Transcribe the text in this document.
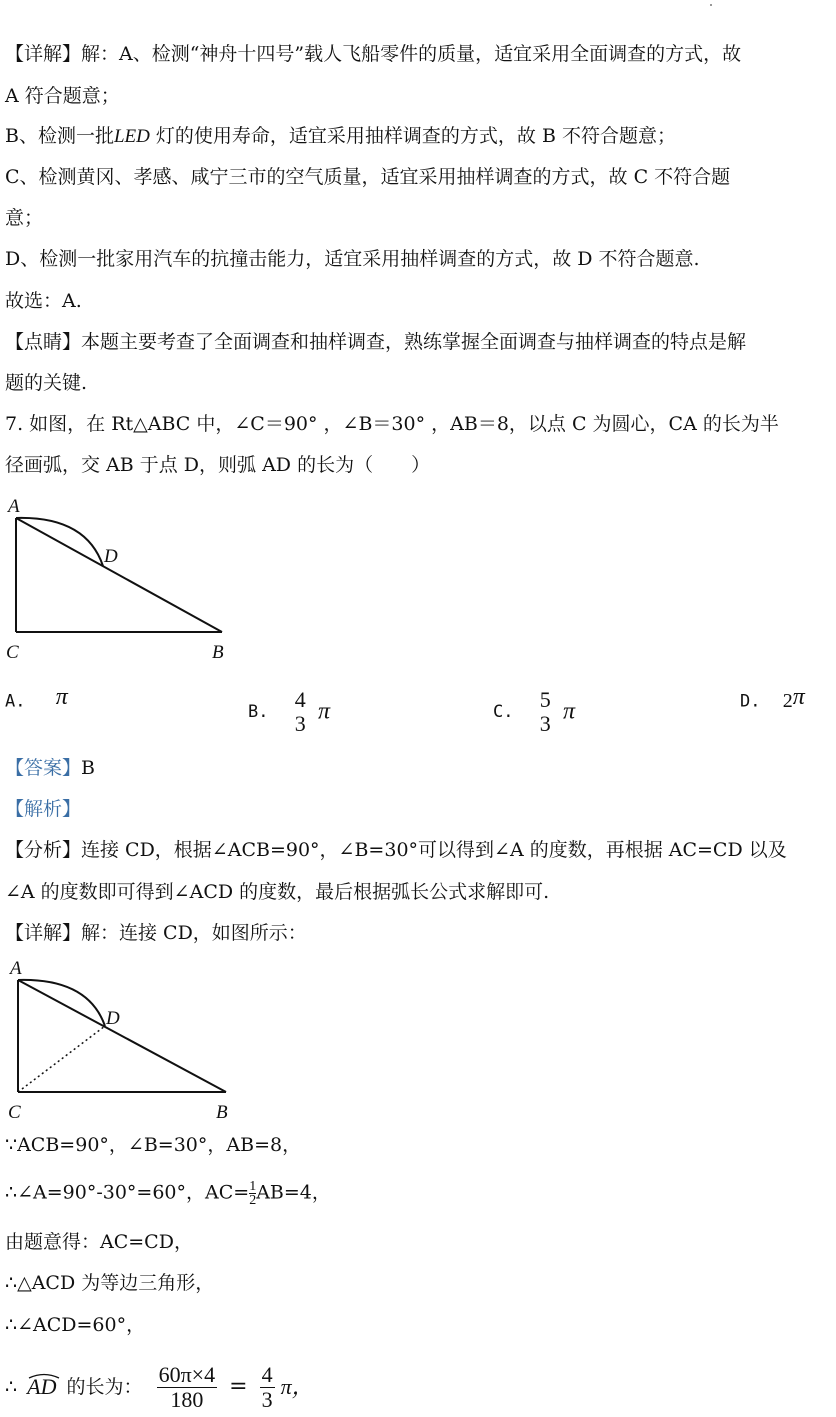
【详解】解：A、检测“神舟十四号”载人飞船零件的质量，适宜采用全面调查的方式，故
A 符合题意；
B、检测一批LED 灯的使用寿命，适宜采用抽样调查的方式，故 B 不符合题意；
C、检测黄冈、孝感、咸宁三市的空气质量，适宜采用抽样调查的方式，故 C 不符合题
意；
D、检测一批家用汽车的抗撞击能力，适宜采用抽样调查的方式，故 D 不符合题意.
故选：A.
【点睛】本题主要考查了全面调查和抽样调查，熟练掌握全面调查与抽样调查的特点是解
题的关键.
7. 如图，在 Rt△ABC 中，∠C＝90° ，∠B＝30° ，AB＝8，以点 C 为圆心，CA 的长为半
径画弧，交 AB 于点 D，则弧 AD 的长为（　　）
A
D
C	B
A. π
B. 4
3 π	C. 5
3 π	D. 2π
【答案】B
【解析】
【分析】连接 CD，根据∠ACB=90°，∠B=30°可以得到∠A 的度数，再根据 AC=CD 以及
∠A 的度数即可得到∠ACD 的度数，最后根据弧长公式求解即可.
【详解】解：连接 CD，如图所示：
A
D
C	B
∵ACB=90°，∠B=30°，AB=8，
∴∠A=90°-30°=60°，$AC= \frac{1}{2} AB=4$，
由题意得：AC=CD，
∴△ACD 为等边三角形，
∴∠ACD=60°，
∴ AD 的长为： $\frac{60\pi\times 4}{180} = \frac{4}{3}$ π，
